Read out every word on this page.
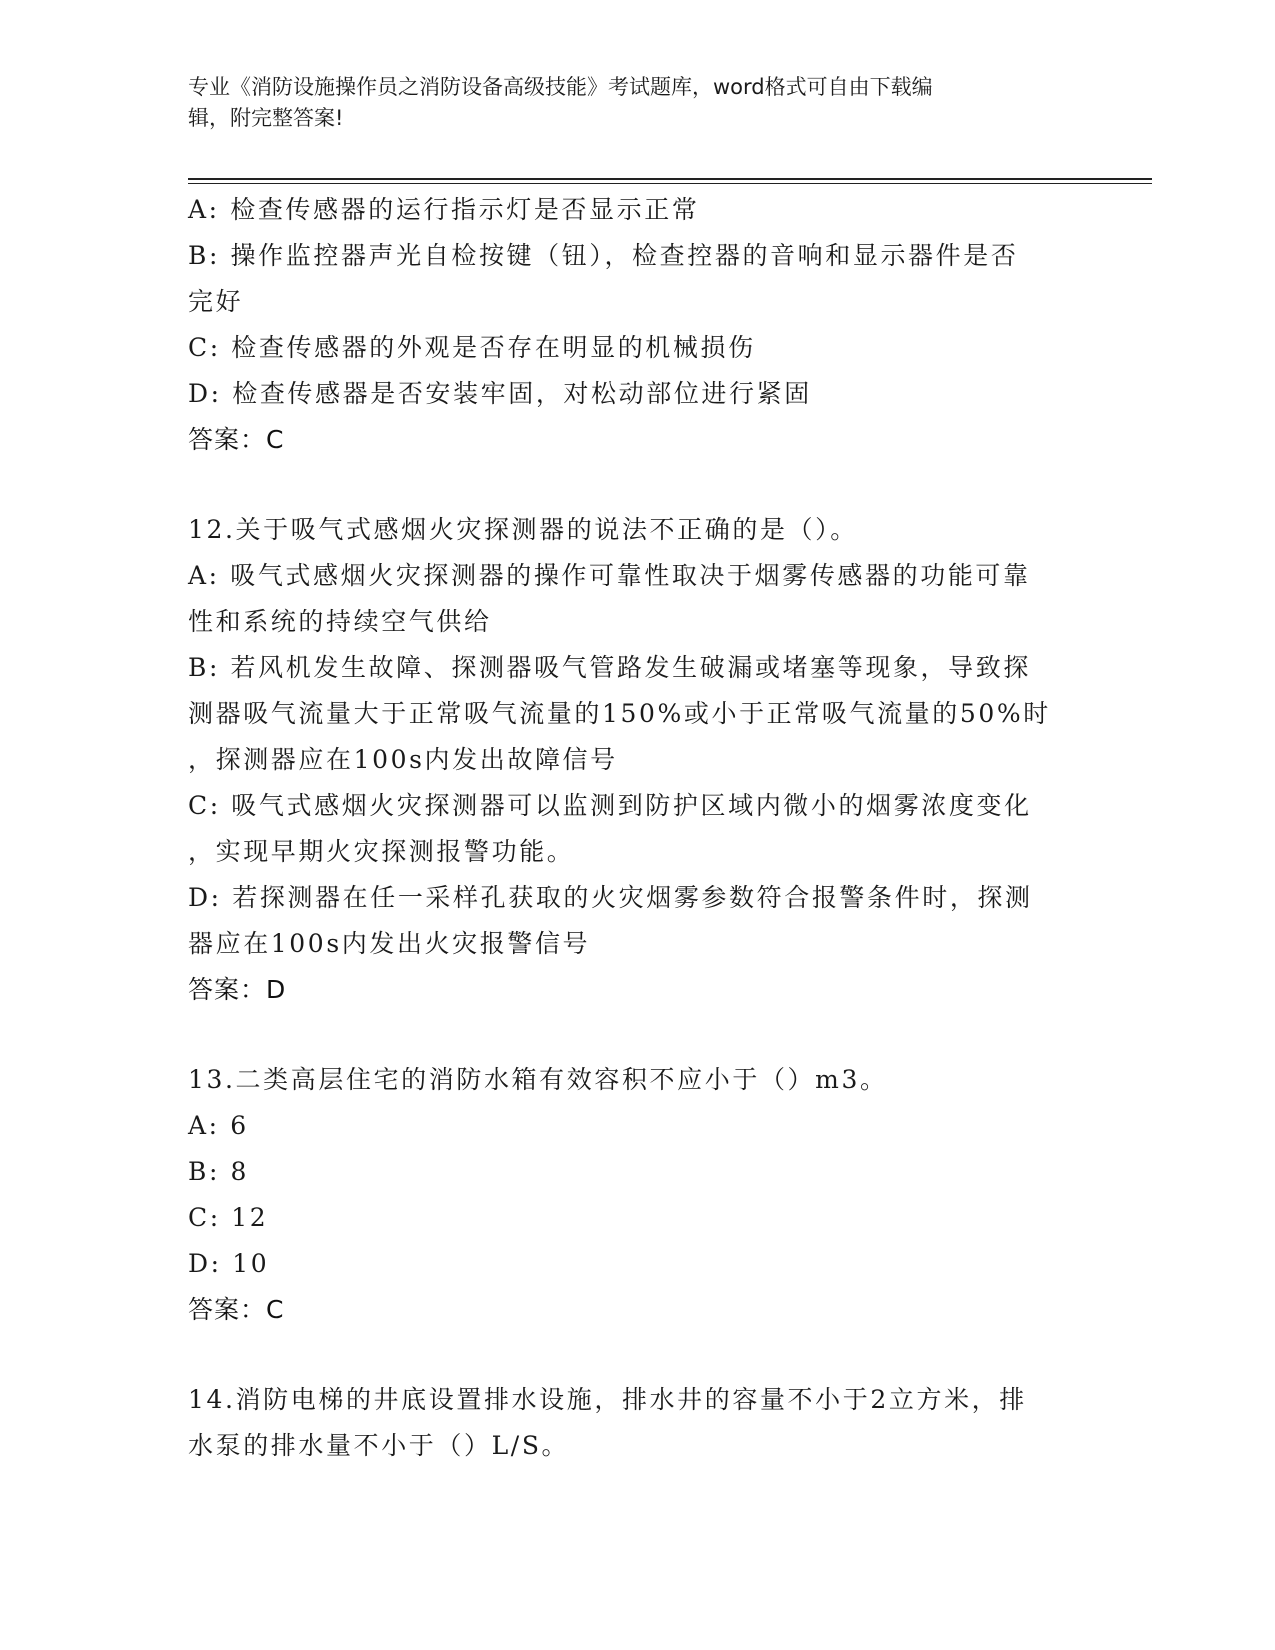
专业《消防设施操作员之消防设备高级技能》考试题库，word格式可自由下载编
辑，附完整答案!
A: 检查传感器的运行指示灯是否显示正常
B: 操作监控器声光自检按键（钮），检查控器的音响和显示器件是否
完好
C: 检查传感器的外观是否存在明显的机械损伤
D: 检查传感器是否安装牢固，对松动部位进行紧固
答案：C
12.关于吸气式感烟火灾探测器的说法不正确的是（）。
A: 吸气式感烟火灾探测器的操作可靠性取决于烟雾传感器的功能可靠
性和系统的持续空气供给
B: 若风机发生故障、探测器吸气管路发生破漏或堵塞等现象，导致探
测器吸气流量大于正常吸气流量的150%或小于正常吸气流量的50%时
，探测器应在100s内发出故障信号
C: 吸气式感烟火灾探测器可以监测到防护区域内微小的烟雾浓度变化
，实现早期火灾探测报警功能。
D: 若探测器在任一采样孔获取的火灾烟雾参数符合报警条件时，探测
器应在100s内发出火灾报警信号
答案：D
13.二类高层住宅的消防水箱有效容积不应小于（）m3。
A: 6
B: 8
C: 12
D: 10
答案：C
14.消防电梯的井底设置排水设施，排水井的容量不小于2立方米，排
水泵的排水量不小于（）L/S。
